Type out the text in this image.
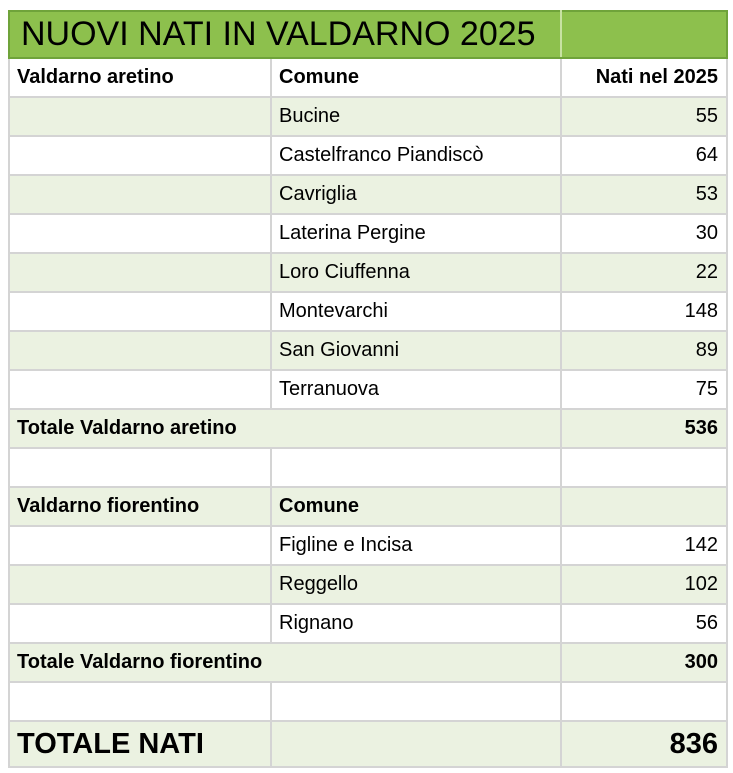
NUOVI NATI IN VALDARNO 2025		
Valdarno aretino	Comune	Nati nel 2025
	Bucine	55
	Castelfranco Piandiscò	64
	Cavriglia	53
	Laterina Pergine	30
	Loro Ciuffenna	22
	Montevarchi	148
	San Giovanni	89
	Terranuova	75
Totale Valdarno aretino		536

Valdarno fiorentino	Comune	
	Figline e Incisa	142
	Reggello	102
	Rignano	56
Totale Valdarno fiorentino		300

TOTALE NATI		836
